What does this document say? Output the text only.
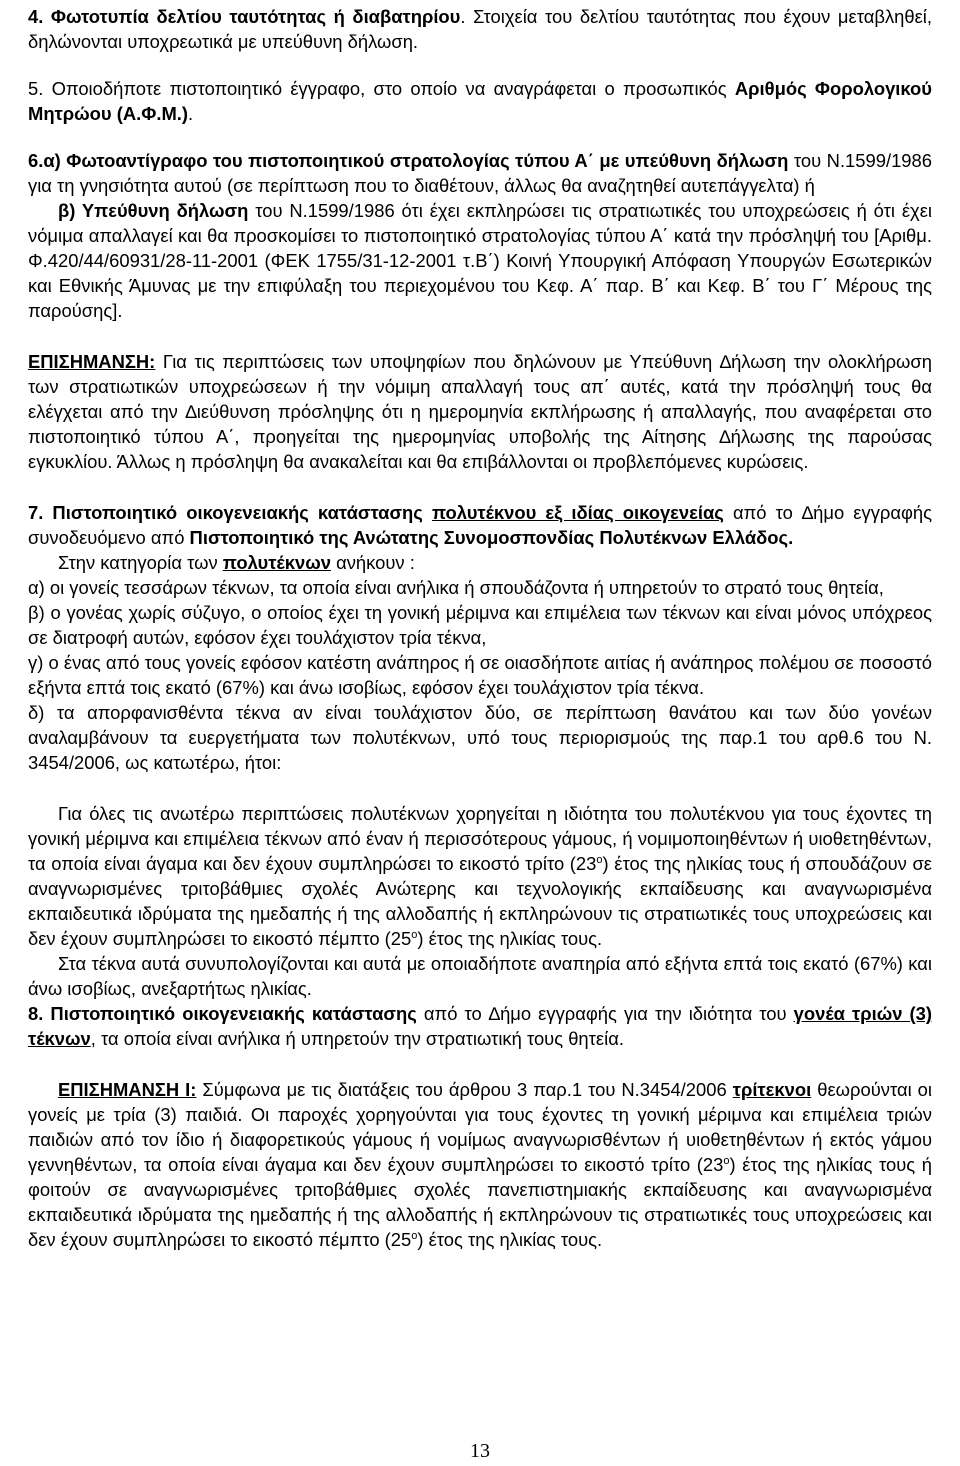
4. Φωτοτυπία δελτίου ταυτότητας ή διαβατηρίου. Στοιχεία του δελτίου ταυτότητας που έχουν μεταβληθεί, δηλώνονται υποχρεωτικά με υπεύθυνη δήλωση.

5. Οποιοδήποτε πιστοποιητικό έγγραφο, στο οποίο να αναγράφεται ο προσωπικός Αριθμός Φορολογικού Μητρώου (Α.Φ.Μ.).

6.α) Φωτοαντίγραφο του πιστοποιητικού στρατολογίας τύπου Α΄ με υπεύθυνη δήλωση του Ν.1599/1986 για τη γνησιότητα αυτού (σε περίπτωση που το διαθέτουν, άλλως θα αναζητηθεί αυτεπάγγελτα) ή

β) Υπεύθυνη δήλωση του Ν.1599/1986 ότι έχει εκπληρώσει τις στρατιωτικές του υποχρεώσεις ή ότι έχει νόμιμα απαλλαγεί και θα προσκομίσει το πιστοποιητικό στρατολογίας τύπου Α΄ κατά την πρόσληψή του [Αριθμ. Φ.420/44/60931/28-11-2001 (ΦΕΚ 1755/31-12-2001 τ.Β΄) Κοινή Υπουργική Απόφαση Υπουργών Εσωτερικών και Εθνικής Άμυνας με την επιφύλαξη του περιεχομένου του Κεφ. Α΄ παρ. Β΄ και Κεφ. Β΄ του Γ΄ Μέρους της παρούσης].

ΕΠΙΣΗΜΑΝΣΗ: Για τις περιπτώσεις των υποψηφίων που δηλώνουν με Υπεύθυνη ∆ήλωση την ολοκλήρωση των στρατιωτικών υποχρεώσεων ή την νόμιμη απαλλαγή τους απ΄ αυτές, κατά την πρόσληψή τους θα ελέγχεται από την ∆ιεύθυνση πρόσληψης ότι η ημερομηνία εκπλήρωσης ή απαλλαγής, που αναφέρεται στο πιστοποιητικό τύπου Α΄, προηγείται της ημερομηνίας υποβολής της Αίτησης ∆ήλωσης της παρούσας εγκυκλίου. Άλλως η πρόσληψη θα ανακαλείται και θα επιβάλλονται οι προβλεπόμενες κυρώσεις.

7. Πιστοποιητικό οικογενειακής κατάστασης πολυτέκνου εξ ιδίας οικογενείας από το ∆ήμο εγγραφής συνοδευόμενο από Πιστοποιητικό της Ανώτατης Συνομοσπονδίας Πολυτέκνων Ελλάδος.

Στην κατηγορία των πολυτέκνων ανήκουν :

α) οι γονείς τεσσάρων τέκνων, τα οποία είναι ανήλικα ή σπουδάζοντα ή υπηρετούν το στρατό τους θητεία,

β) ο γονέας χωρίς σύζυγο, ο οποίος έχει τη γονική μέριμνα και επιμέλεια των τέκνων και είναι μόνος υπόχρεος σε διατροφή αυτών, εφόσον έχει τουλάχιστον τρία τέκνα,

γ) ο ένας από τους γονείς εφόσον κατέστη ανάπηρος ή σε οιασδήποτε αιτίας ή ανάπηρος πολέμου σε ποσοστό εξήντα επτά τοις εκατό (67%) και άνω ισοβίως, εφόσον έχει τουλάχιστον τρία τέκνα.

δ) τα απορφανισθέντα τέκνα αν είναι τουλάχιστον δύο, σε περίπτωση θανάτου και των δύο γονέων αναλαμβάνουν τα ευεργετήματα των πολυτέκνων, υπό τους περιορισμούς της παρ.1 του αρθ.6 του Ν. 3454/2006, ως κατωτέρω, ήτοι:

Για όλες τις ανωτέρω περιπτώσεις πολυτέκνων χορηγείται η ιδιότητα του πολυτέκνου για τους έχοντες τη γονική μέριμνα και επιμέλεια τέκνων από έναν ή περισσότερους γάμους, ή νομιμοποιηθέντων ή υιοθετηθέντων, τα οποία είναι άγαμα και δεν έχουν συμπληρώσει το εικοστό τρίτο $(23^o)$ έτος της ηλικίας τους ή σπουδάζουν σε αναγνωρισμένες τριτοβάθμιες σχολές Ανώτερης και τεχνολογικής εκπαίδευσης και αναγνωρισμένα εκπαιδευτικά ιδρύματα της ημεδαπής ή της αλλοδαπής ή εκπληρώνουν τις στρατιωτικές τους υποχρεώσεις και δεν έχουν συμπληρώσει το εικοστό πέμπτο $(25^o)$ έτος της ηλικίας τους.

Στα τέκνα αυτά συνυπολογίζονται και αυτά με οποιαδήποτε αναπηρία από εξήντα επτά τοις εκατό (67%) και άνω ισοβίως, ανεξαρτήτως ηλικίας.

8. Πιστοποιητικό οικογενειακής κατάστασης από το ∆ήμο εγγραφής για την ιδιότητα του γονέα τριών (3) τέκνων, τα οποία είναι ανήλικα ή υπηρετούν την στρατιωτική τους θητεία.

ΕΠΙΣΗΜΑΝΣΗ Ι: Σύμφωνα με τις διατάξεις του άρθρου 3 παρ.1 του Ν.3454/2006 τρίτεκνοι θεωρούνται οι γονείς με τρία (3) παιδιά. Οι παροχές χορηγούνται για τους έχοντες τη γονική μέριμνα και επιμέλεια τριών παιδιών από τον ίδιο ή διαφορετικούς γάμους ή νομίμως αναγνωρισθέντων ή υιοθετηθέντων ή εκτός γάμου γεννηθέντων, τα οποία είναι άγαμα και δεν έχουν συμπληρώσει το εικοστό τρίτο $(23^o)$ έτος της ηλικίας τους ή φοιτούν σε αναγνωρισμένες τριτοβάθμιες σχολές πανεπιστημιακής εκπαίδευσης και αναγνωρισμένα εκπαιδευτικά ιδρύματα της ημεδαπής ή της αλλοδαπής ή εκπληρώνουν τις στρατιωτικές τους υποχρεώσεις και δεν έχουν συμπληρώσει το εικοστό πέμπτο $(25^o)$ έτος της ηλικίας τους.

13
